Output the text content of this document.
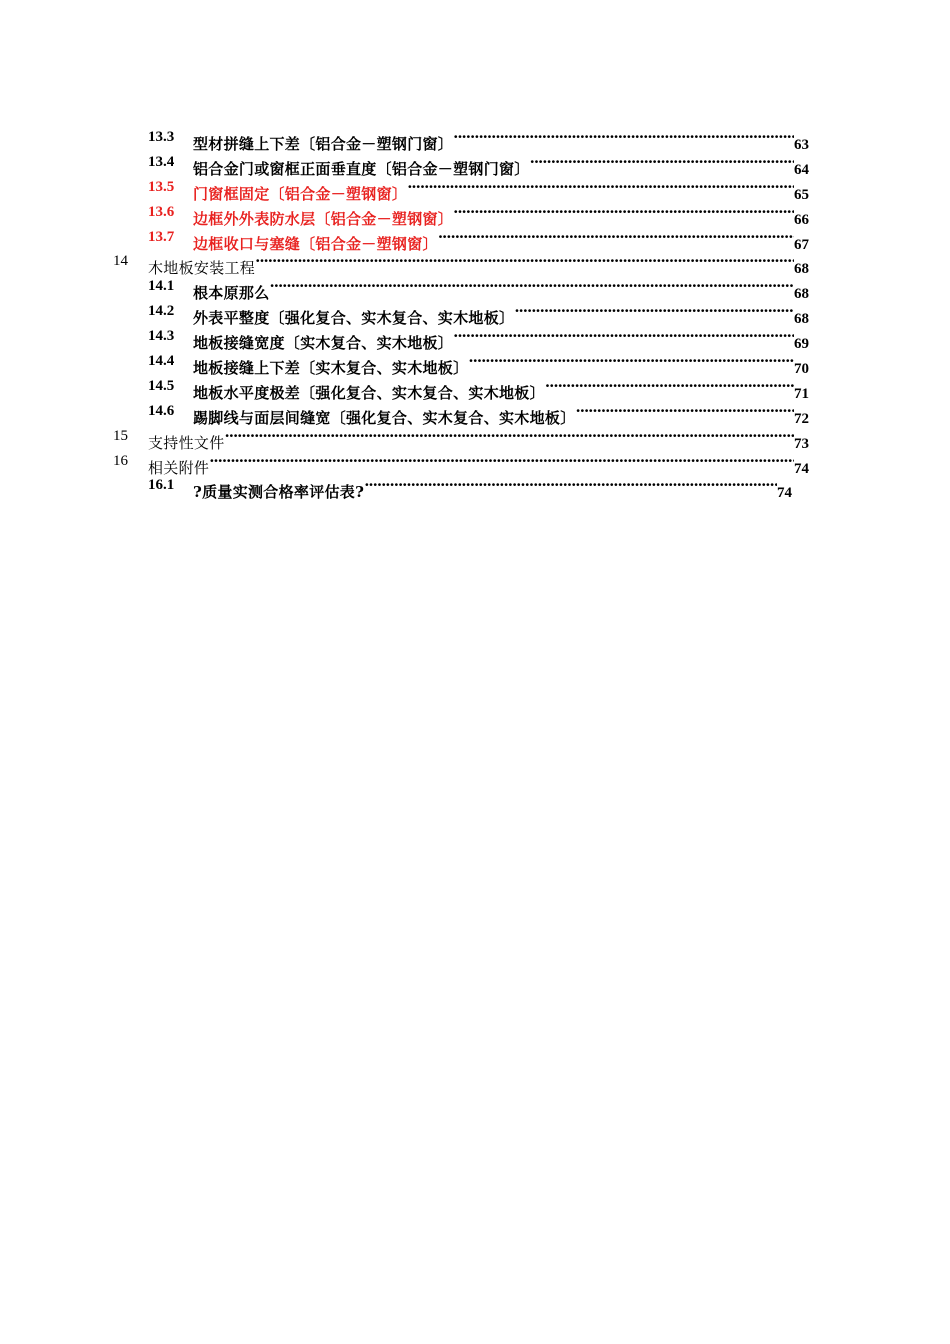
13.3 型材拼缝上下差〔铝合金－塑钢门窗〕 ·····	63
13.4 铝合金门或窗框正面垂直度〔铝合金－塑钢门窗〕 ·····	64
13.5 门窗框固定〔铝合金－塑钢窗〕 ·····	65
13.6 边框外外表防水层〔铝合金－塑钢窗〕 ·····	66
13.7 边框收口与塞缝〔铝合金－塑钢窗〕 ·····	67
14 木地板安装工程 ·····	68
14.1 根本原那么 ·····	68
14.2 外表平整度〔强化复合、实木复合、实木地板〕 ·····	68
14.3 地板接缝宽度〔实木复合、实木地板〕 ·····	69
14.4 地板接缝上下差〔实木复合、实木地板〕 ·····	70
14.5 地板水平度极差〔强化复合、实木复合、实木地板〕 ·····	71
14.6 踢脚线与面层间缝宽〔强化复合、实木复合、实木地板〕 ·····	72
15 支持性文件 ·····	73
16 相关附件 ·····	74
16.1 ?质量实测合格率评估表? ·····	74
